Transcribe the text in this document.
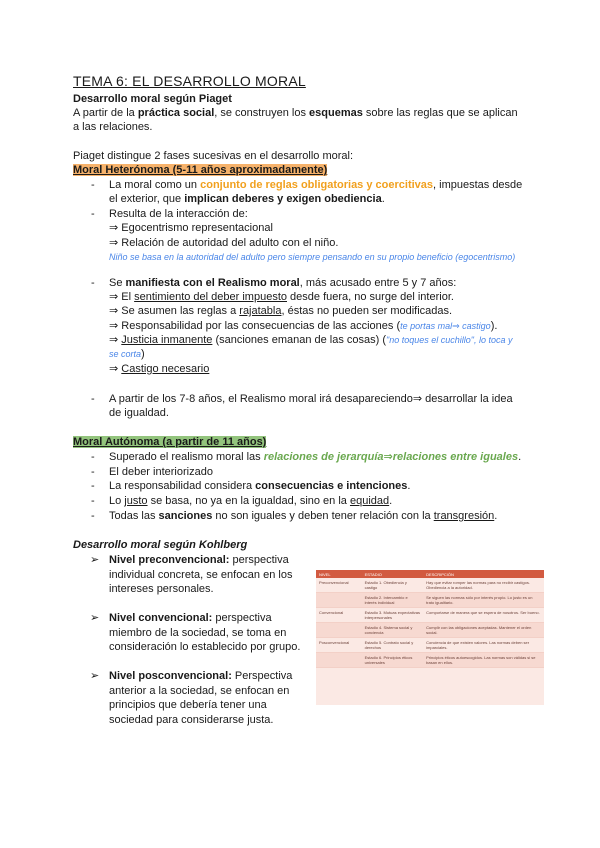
TEMA 6: EL DESARROLLO MORAL
Desarrollo moral según Piaget
A partir de la práctica social, se construyen los esquemas sobre las reglas que se aplican
a las relaciones.
Piaget distingue 2 fases sucesivas en el desarrollo moral:
Moral Heterónoma (5-11 años aproximadamente)
- La moral como un conjunto de reglas obligatorias y coercitivas, impuestas desde
el exterior, que implican deberes y exigen obediencia.
- Resulta de la interacción de:
⇒ Egocentrismo representacional
⇒ Relación de autoridad del adulto con el niño.
Niño se basa en la autoridad del adulto pero siempre pensando en su propio beneficio (egocentrismo)
- Se manifiesta con el Realismo moral, más acusado entre 5 y 7 años:
⇒ El sentimiento del deber impuesto desde fuera, no surge del interior.
⇒ Se asumen las reglas a rajatabla, éstas no pueden ser modificadas.
⇒ Responsabilidad por las consecuencias de las acciones (te portas mal⇒ castigo).
⇒ Justicia inmanente (sanciones emanan de las cosas) ("no toques el cuchillo", lo toca y
se corta)
⇒ Castigo necesario
- A partir de los 7-8 años, el Realismo moral irá desapareciendo⇒ desarrollar la idea
de igualdad.
Moral Autónoma (a partir de 11 años)
- Superado el realismo moral las relaciones de jerarquía⇒relaciones entre iguales.
- El deber interiorizado
- La responsabilidad considera consecuencias e intenciones.
- Lo justo se basa, no ya en la igualdad, sino en la equidad.
- Todas las sanciones no son iguales y deben tener relación con la transgresión.
Desarrollo moral según Kohlberg
➢ Nivel preconvencional: perspectiva
individual concreta, se enfocan en los
intereses personales.
➢ Nivel convencional: perspectiva
miembro de la sociedad, se toma en
consideración lo establecido por grupo.
➢ Nivel posconvencional: Perspectiva
anterior a la sociedad, se enfocan en
principios que debería tener una
sociedad para considerarse justa.
NIVEL	ESTADIO	DESCRIPCIÓN
Preconvencional	Estadio 1. Obediencia y castigo	Hay que evitar romper las normas para no recibir castigos. Obediencia a la autoridad.
	Estadio 2. Intercambio e interés individual	Se siguen las normas sólo por interés propio. Lo justo es un trato igualitario.
Convencional	Estadio 3. Mutuas expectativas interpersonales	Comportarse de manera que se espera de nosotros. Ser bueno.
	Estadio 4. Sistema social y conciencia	Cumplir con las obligaciones aceptadas. Mantener el orden social.
Posconvencional	Estadio 5. Contrato social y derechos	Conciencia de que existen valores. Las normas deben ser imparciales.
	Estadio 6. Principios éticos universales	Principios éticos autoescogidos. Las normas son válidas si se basan en ellos.
